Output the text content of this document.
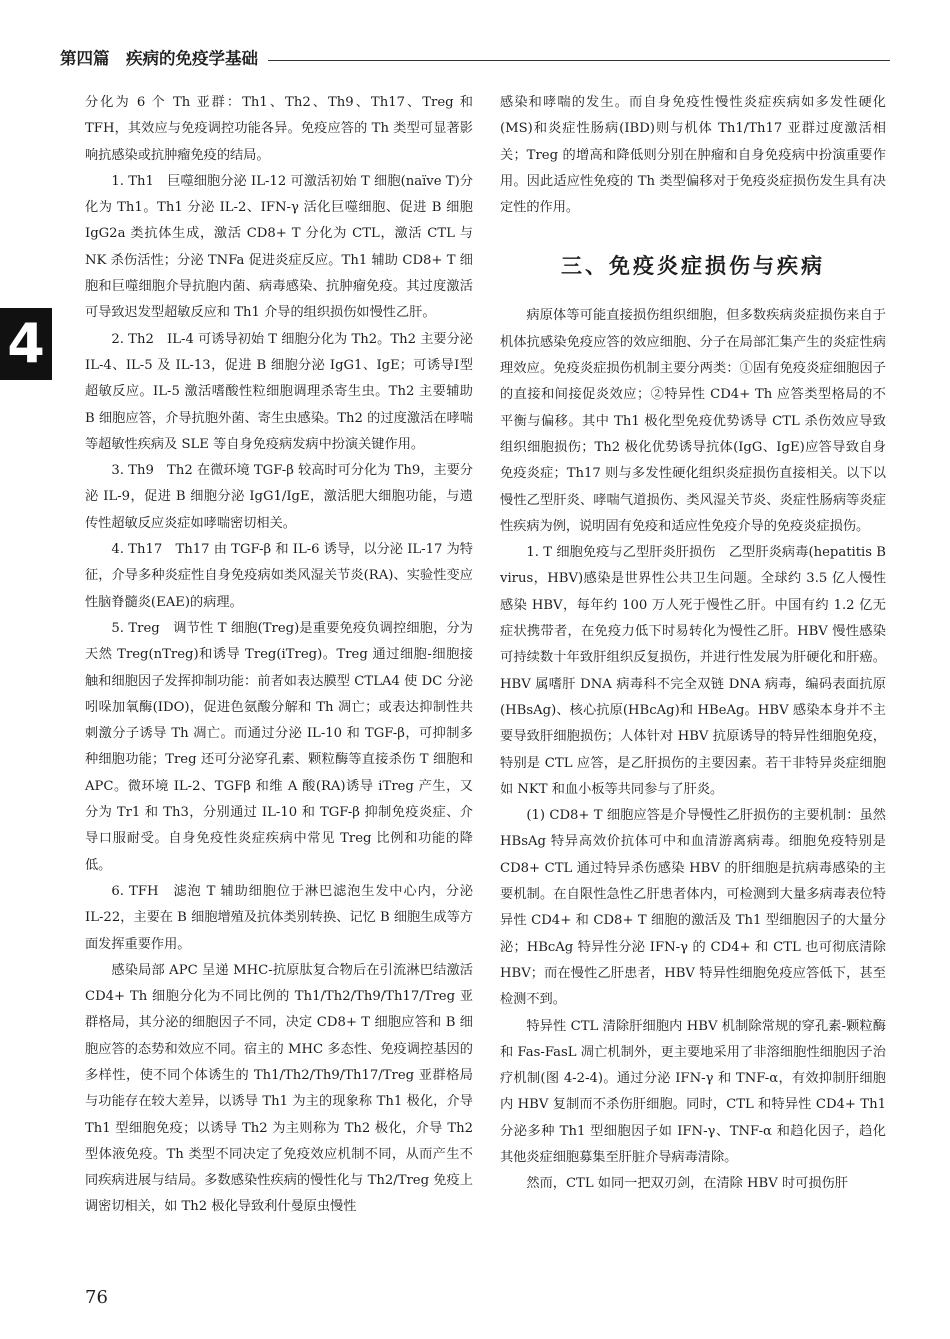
第四篇　疾病的免疫学基础
4

分化为 6 个 Th 亚群：Th1、Th2、Th9、Th17、Treg 和 TFH，其效应与免疫调控功能各异。免疫应答的 Th 类型可显著影响抗感染或抗肿瘤免疫的结局。

1. Th1　巨噬细胞分泌 IL-12 可激活初始 T 细胞(naïve T)分化为 Th1。Th1 分泌 IL-2、IFN-γ 活化巨噬细胞、促进 B 细胞 IgG2a 类抗体生成，激活 CD8+ T 分化为 CTL，激活 CTL 与 NK 杀伤活性；分泌 TNFa 促进炎症反应。Th1 辅助 CD8+ T 细胞和巨噬细胞介导抗胞内菌、病毒感染、抗肿瘤免疫。其过度激活可导致迟发型超敏反应和 Th1 介导的组织损伤如慢性乙肝。

2. Th2　IL-4 可诱导初始 T 细胞分化为 Th2。Th2 主要分泌 IL-4、IL-5 及 IL-13，促进 B 细胞分泌 IgG1、IgE；可诱导Ⅰ型超敏反应。IL-5 激活嗜酸性粒细胞调理杀寄生虫。Th2 主要辅助 B 细胞应答，介导抗胞外菌、寄生虫感染。Th2 的过度激活在哮喘等超敏性疾病及 SLE 等自身免疫病发病中扮演关键作用。

3. Th9　Th2 在微环境 TGF-β 较高时可分化为 Th9，主要分泌 IL-9，促进 B 细胞分泌 IgG1/IgE，激活肥大细胞功能，与遗传性超敏反应炎症如哮喘密切相关。

4. Th17　Th17 由 TGF-β 和 IL-6 诱导，以分泌 IL-17 为特征，介导多种炎症性自身免疫病如类风湿关节炎(RA)、实验性变应性脑脊髓炎(EAE)的病理。

5. Treg　调节性 T 细胞(Treg)是重要免疫负调控细胞，分为天然 Treg(nTreg)和诱导 Treg(iTreg)。Treg 通过细胞-细胞接触和细胞因子发挥抑制功能：前者如表达膜型 CTLA4 使 DC 分泌吲哚加氧酶(IDO)，促进色氨酸分解和 Th 凋亡；或表达抑制性共刺激分子诱导 Th 凋亡。而通过分泌 IL-10 和 TGF-β，可抑制多种细胞功能；Treg 还可分泌穿孔素、颗粒酶等直接杀伤 T 细胞和 APC。微环境 IL-2、TGFβ 和维 A 酸(RA)诱导 iTreg 产生，又分为 Tr1 和 Th3，分别通过 IL-10 和 TGF-β 抑制免疫炎症、介导口服耐受。自身免疫性炎症疾病中常见 Treg 比例和功能的降低。

6. TFH　滤泡 T 辅助细胞位于淋巴滤泡生发中心内，分泌 IL-22，主要在 B 细胞增殖及抗体类别转换、记忆 B 细胞生成等方面发挥重要作用。

感染局部 APC 呈递 MHC-抗原肽复合物后在引流淋巴结激活 CD4+ Th 细胞分化为不同比例的 Th1/Th2/Th9/Th17/Treg 亚群格局，其分泌的细胞因子不同，决定 CD8+ T 细胞应答和 B 细胞应答的态势和效应不同。宿主的 MHC 多态性、免疫调控基因的多样性，使不同个体诱生的 Th1/Th2/Th9/Th17/Treg 亚群格局与功能存在较大差异，以诱导 Th1 为主的现象称 Th1 极化，介导 Th1 型细胞免疫；以诱导 Th2 为主则称为 Th2 极化，介导 Th2 型体液免疫。Th 类型不同决定了免疫效应机制不同，从而产生不同疾病进展与结局。多数感染性疾病的慢性化与 Th2/Treg 免疫上调密切相关，如 Th2 极化导致利什曼原虫慢性

感染和哮喘的发生。而自身免疫性慢性炎症疾病如多发性硬化(MS)和炎症性肠病(IBD)则与机体 Th1/Th17 亚群过度激活相关；Treg 的增高和降低则分别在肿瘤和自身免疫病中扮演重要作用。因此适应性免疫的 Th 类型偏移对于免疫炎症损伤发生具有决定性的作用。

三、免疫炎症损伤与疾病

病原体等可能直接损伤组织细胞，但多数疾病炎症损伤来自于机体抗感染免疫应答的效应细胞、分子在局部汇集产生的炎症性病理效应。免疫炎症损伤机制主要分两类：①固有免疫炎症细胞因子的直接和间接促炎效应；②特异性 CD4+ Th 应答类型格局的不平衡与偏移。其中 Th1 极化型免疫优势诱导 CTL 杀伤效应导致组织细胞损伤；Th2 极化优势诱导抗体(IgG、IgE)应答导致自身免疫炎症；Th17 则与多发性硬化组织炎症损伤直接相关。以下以慢性乙型肝炎、哮喘气道损伤、类风湿关节炎、炎症性肠病等炎症性疾病为例，说明固有免疫和适应性免疫介导的免疫炎症损伤。

1. T 细胞免疫与乙型肝炎肝损伤　乙型肝炎病毒(hepatitis B virus，HBV)感染是世界性公共卫生问题。全球约 3.5 亿人慢性感染 HBV，每年约 100 万人死于慢性乙肝。中国有约 1.2 亿无症状携带者，在免疫力低下时易转化为慢性乙肝。HBV 慢性感染可持续数十年致肝组织反复损伤，并进行性发展为肝硬化和肝癌。HBV 属嗜肝 DNA 病毒科不完全双链 DNA 病毒，编码表面抗原(HBsAg)、核心抗原(HBcAg)和 HBeAg。HBV 感染本身并不主要导致肝细胞损伤；人体针对 HBV 抗原诱导的特异性细胞免疫，特别是 CTL 应答，是乙肝损伤的主要因素。若干非特异炎症细胞如 NKT 和血小板等共同参与了肝炎。

(1) CD8+ T 细胞应答是介导慢性乙肝损伤的主要机制：虽然 HBsAg 特异高效价抗体可中和血清游离病毒。细胞免疫特别是 CD8+ CTL 通过特异杀伤感染 HBV 的肝细胞是抗病毒感染的主要机制。在自限性急性乙肝患者体内，可检测到大量多病毒表位特异性 CD4+ 和 CD8+ T 细胞的激活及 Th1 型细胞因子的大量分泌；HBcAg 特异性分泌 IFN-γ 的 CD4+ 和 CTL 也可彻底清除 HBV；而在慢性乙肝患者，HBV 特异性细胞免疫应答低下，甚至检测不到。

特异性 CTL 清除肝细胞内 HBV 机制除常规的穿孔素-颗粒酶和 Fas-FasL 凋亡机制外，更主要地采用了非溶细胞性细胞因子治疗机制(图 4-2-4)。通过分泌 IFN-γ 和 TNF-α，有效抑制肝细胞内 HBV 复制而不杀伤肝细胞。同时，CTL 和特异性 CD4+ Th1 分泌多种 Th1 型细胞因子如 IFN-γ、TNF-α 和趋化因子，趋化其他炎症细胞募集至肝脏介导病毒清除。

然而，CTL 如同一把双刃剑，在清除 HBV 时可损伤肝

76
